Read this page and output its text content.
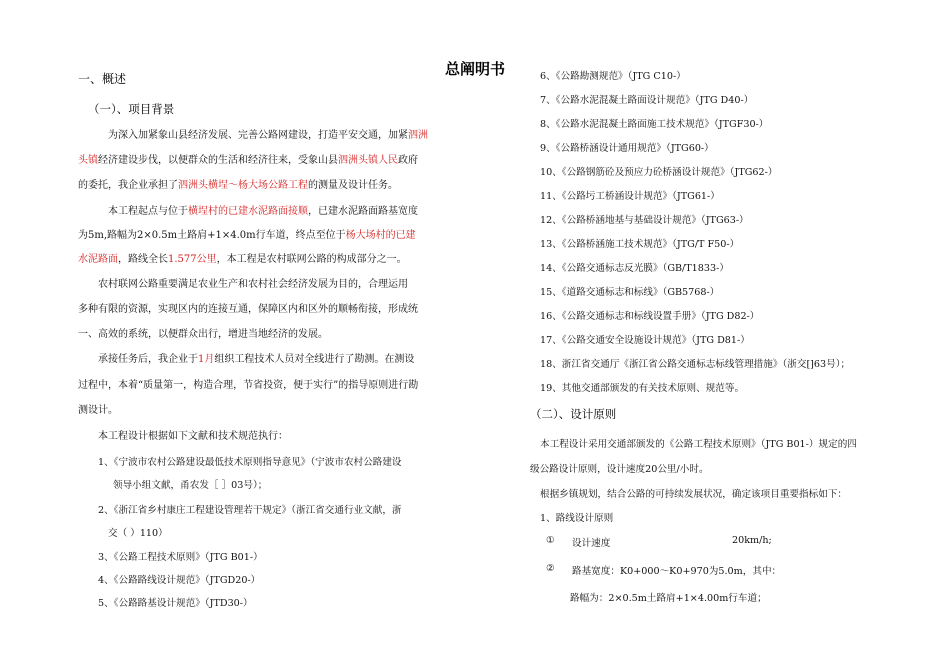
总阐明书
一、概述
（一）、项目背景
为深入加紧象山县经济发展、完善公路网建设，打造平安交通，加紧泗洲
头镇经济建设步伐，以便群众的生活和经济往来，受象山县泗洲头镇人民政府
的委托，我企业承担了泗洲头横埕～杨大场公路工程的测量及设计任务。
本工程起点与位于横埕村的已建水泥路面接顺，已建水泥路面路基宽度
为5m,路幅为2×0.5m土路肩+1×4.0m行车道，终点至位于杨大场村的已建
水泥路面，路线全长1.577公里，本工程是农村联网公路的构成部分之一。
农村联网公路重要满足农业生产和农村社会经济发展为目的，合理运用
多种有限的资源，实现区内的连接互通，保障区内和区外的顺畅衔接，形成统
一、高效的系统，以便群众出行，增进当地经济的发展。
承接任务后，我企业于1月组织工程技术人员对全线进行了勘测。在测设
过程中，本着“质量第一，构造合理，节省投资，便于实行”的指导原则进行勘
测设计。
本工程设计根据如下文献和技术规范执行：
1、《宁波市农村公路建设最低技术原则指导意见》（宁波市农村公路建设
领导小组文献，甬农发［ ］03号）；
2、《浙江省乡村康庄工程建设管理若干规定》（浙江省交通行业文献，浙
交（ ）110）
3、《公路工程技术原则》（JTG B01-）
4、《公路路线设计规范》（JTGD20-）
5、《公路路基设计规范》（JTD30-）
6、《公路勘测规范》（JTG C10-）
7、《公路水泥混凝土路面设计规范》（JTG D40-）
8、《公路水泥混凝土路面施工技术规范》（JTGF30-）
9、《公路桥涵设计通用规范》（JTG60-）
10、《公路钢筋砼及预应力砼桥涵设计规范》（JTG62-）
11、《公路圬工桥涵设计规范》（JTG61-）
12、《公路桥涵地基与基础设计规范》（JTG63-）
13、《公路桥涵施工技术规范》（JTG/T F50-）
14、《公路交通标志反光膜》（GB/T1833-）
15、《道路交通标志和标线》（GB5768-）
16、《公路交通标志和标线设置手册》（JTG D82-）
17、《公路交通安全设施设计规范》（JTG D81-）
18、浙江省交通厅《浙江省公路交通标志标线管理措施》（浙交[]63号）；
19、其他交通部颁发的有关技术原则、规范等。
（二）、设计原则
本工程设计采用交通部颁发的《公路工程技术原则》（JTG B01-）规定的四
级公路设计原则，设计速度20公里/小时。
根据乡镇规划，结合公路的可持续发展状况，确定该项目重要指标如下：
1、路线设计原则
① 设计速度	20km/h;
② 路基宽度：K0+000～K0+970为5.0m，其中：
路幅为：2×0.5m土路肩+1×4.00m行车道；
